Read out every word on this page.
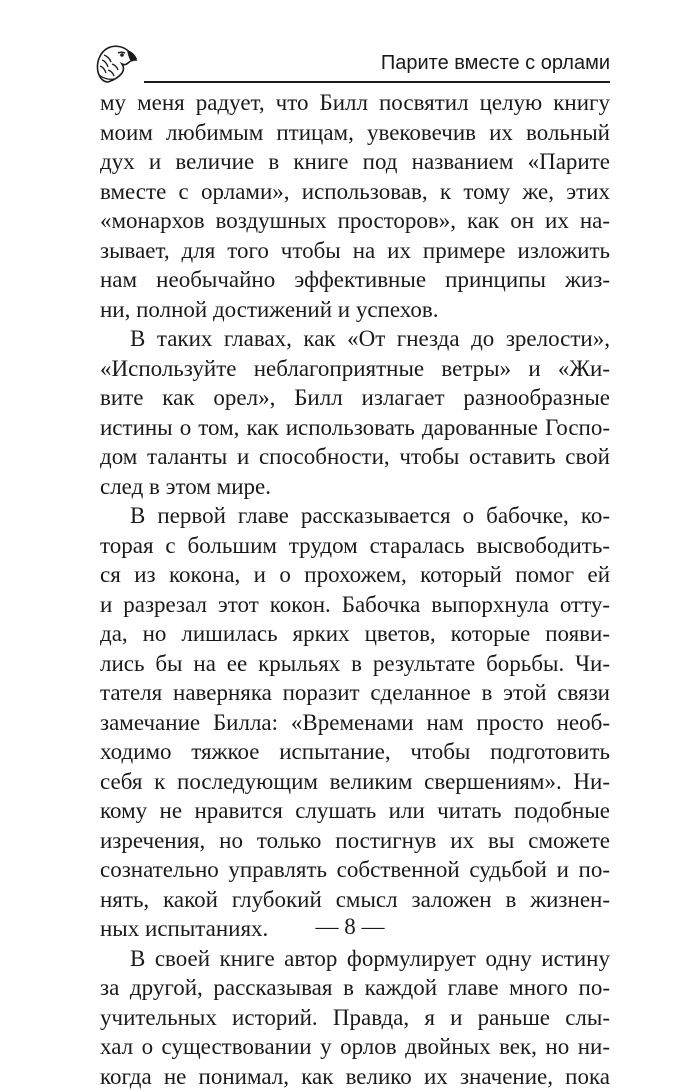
Парите вместе с орлами
му меня радует, что Билл посвятил целую книгу
моим любимым птицам, увековечив их вольный
дух и величие в книге под названием «Парите
вместе с орлами», использовав, к тому же, этих
«монархов воздушных просторов», как он их на-
зывает, для того чтобы на их примере изложить
нам необычайно эффективные принципы жиз-
ни, полной достижений и успехов.
В таких главах, как «От гнезда до зрелости»,
«Используйте неблагоприятные ветры» и «Жи-
вите как орел», Билл излагает разнообразные
истины о том, как использовать дарованные Госпо-
дом таланты и способности, чтобы оставить свой
след в этом мире.
В первой главе рассказывается о бабочке, ко-
торая с большим трудом старалась высвободить-
ся из кокона, и о прохожем, который помог ей
и разрезал этот кокон. Бабочка выпорхнула отту-
да, но лишилась ярких цветов, которые появи-
лись бы на ее крыльях в результате борьбы. Чи-
тателя наверняка поразит сделанное в этой связи
замечание Билла: «Временами нам просто необ-
ходимо тяжкое испытание, чтобы подготовить
себя к последующим великим свершениям». Ни-
кому не нравится слушать или читать подобные
изречения, но только постигнув их вы сможете
сознательно управлять собственной судьбой и по-
нять, какой глубокий смысл заложен в жизнен-
ных испытаниях.
В своей книге автор формулирует одну истину
за другой, рассказывая в каждой главе много по-
учительных историй. Правда, я и раньше слы-
хал о существовании у орлов двойных век, но ни-
когда не понимал, как велико их значение, пока
— 8 —
